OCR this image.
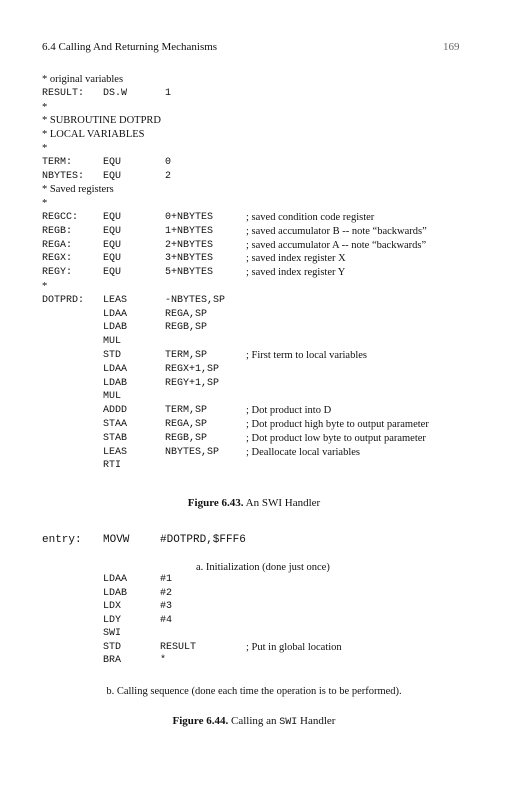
6.4 Calling And Returning Mechanisms	169
* original variables
RESULT: DS.W	1
*
* SUBROUTINE DOTPRD
* LOCAL VARIABLES
*
TERM:	EQU	0
NBYTES: EQU	2
* Saved registers
*
REGCC: EQU	0+NBYTES	; saved condition code register
REGB:	EQU	1+NBYTES	; saved accumulator B -- note “backwards”
REGA:	EQU	2+NBYTES	; saved accumulator A -- note “backwards”
REGX:	EQU	3+NBYTES	; saved index register X
REGY:	EQU	5+NBYTES	; saved index register Y
*
DOTPRD: LEAS	-NBYTES,SP
LDAA	REGA,SP
LDAB	REGB,SP
MUL
STD	TERM,SP	; First term to local variables
LDAA	REGX+1,SP
LDAB	REGY+1,SP
MUL
ADDD	TERM,SP	; Dot product into D
STAA	REGA,SP	; Dot product high byte to output parameter
STAB	REGB,SP	; Dot product low byte to output parameter
LEAS	NBYTES,SP	; Deallocate local variables
RTI
Figure 6.43. An SWI Handler
entry: MOVW	#DOTPRD,$FFF6
a. Initialization (done just once)
LDAA	#1
LDAB	#2
LDX	#3
LDY	#4
SWI
STD	RESULT	; Put in global location
BRA	*
b. Calling sequence (done each time the operation is to be performed).
Figure 6.44. Calling an SWI Handler
